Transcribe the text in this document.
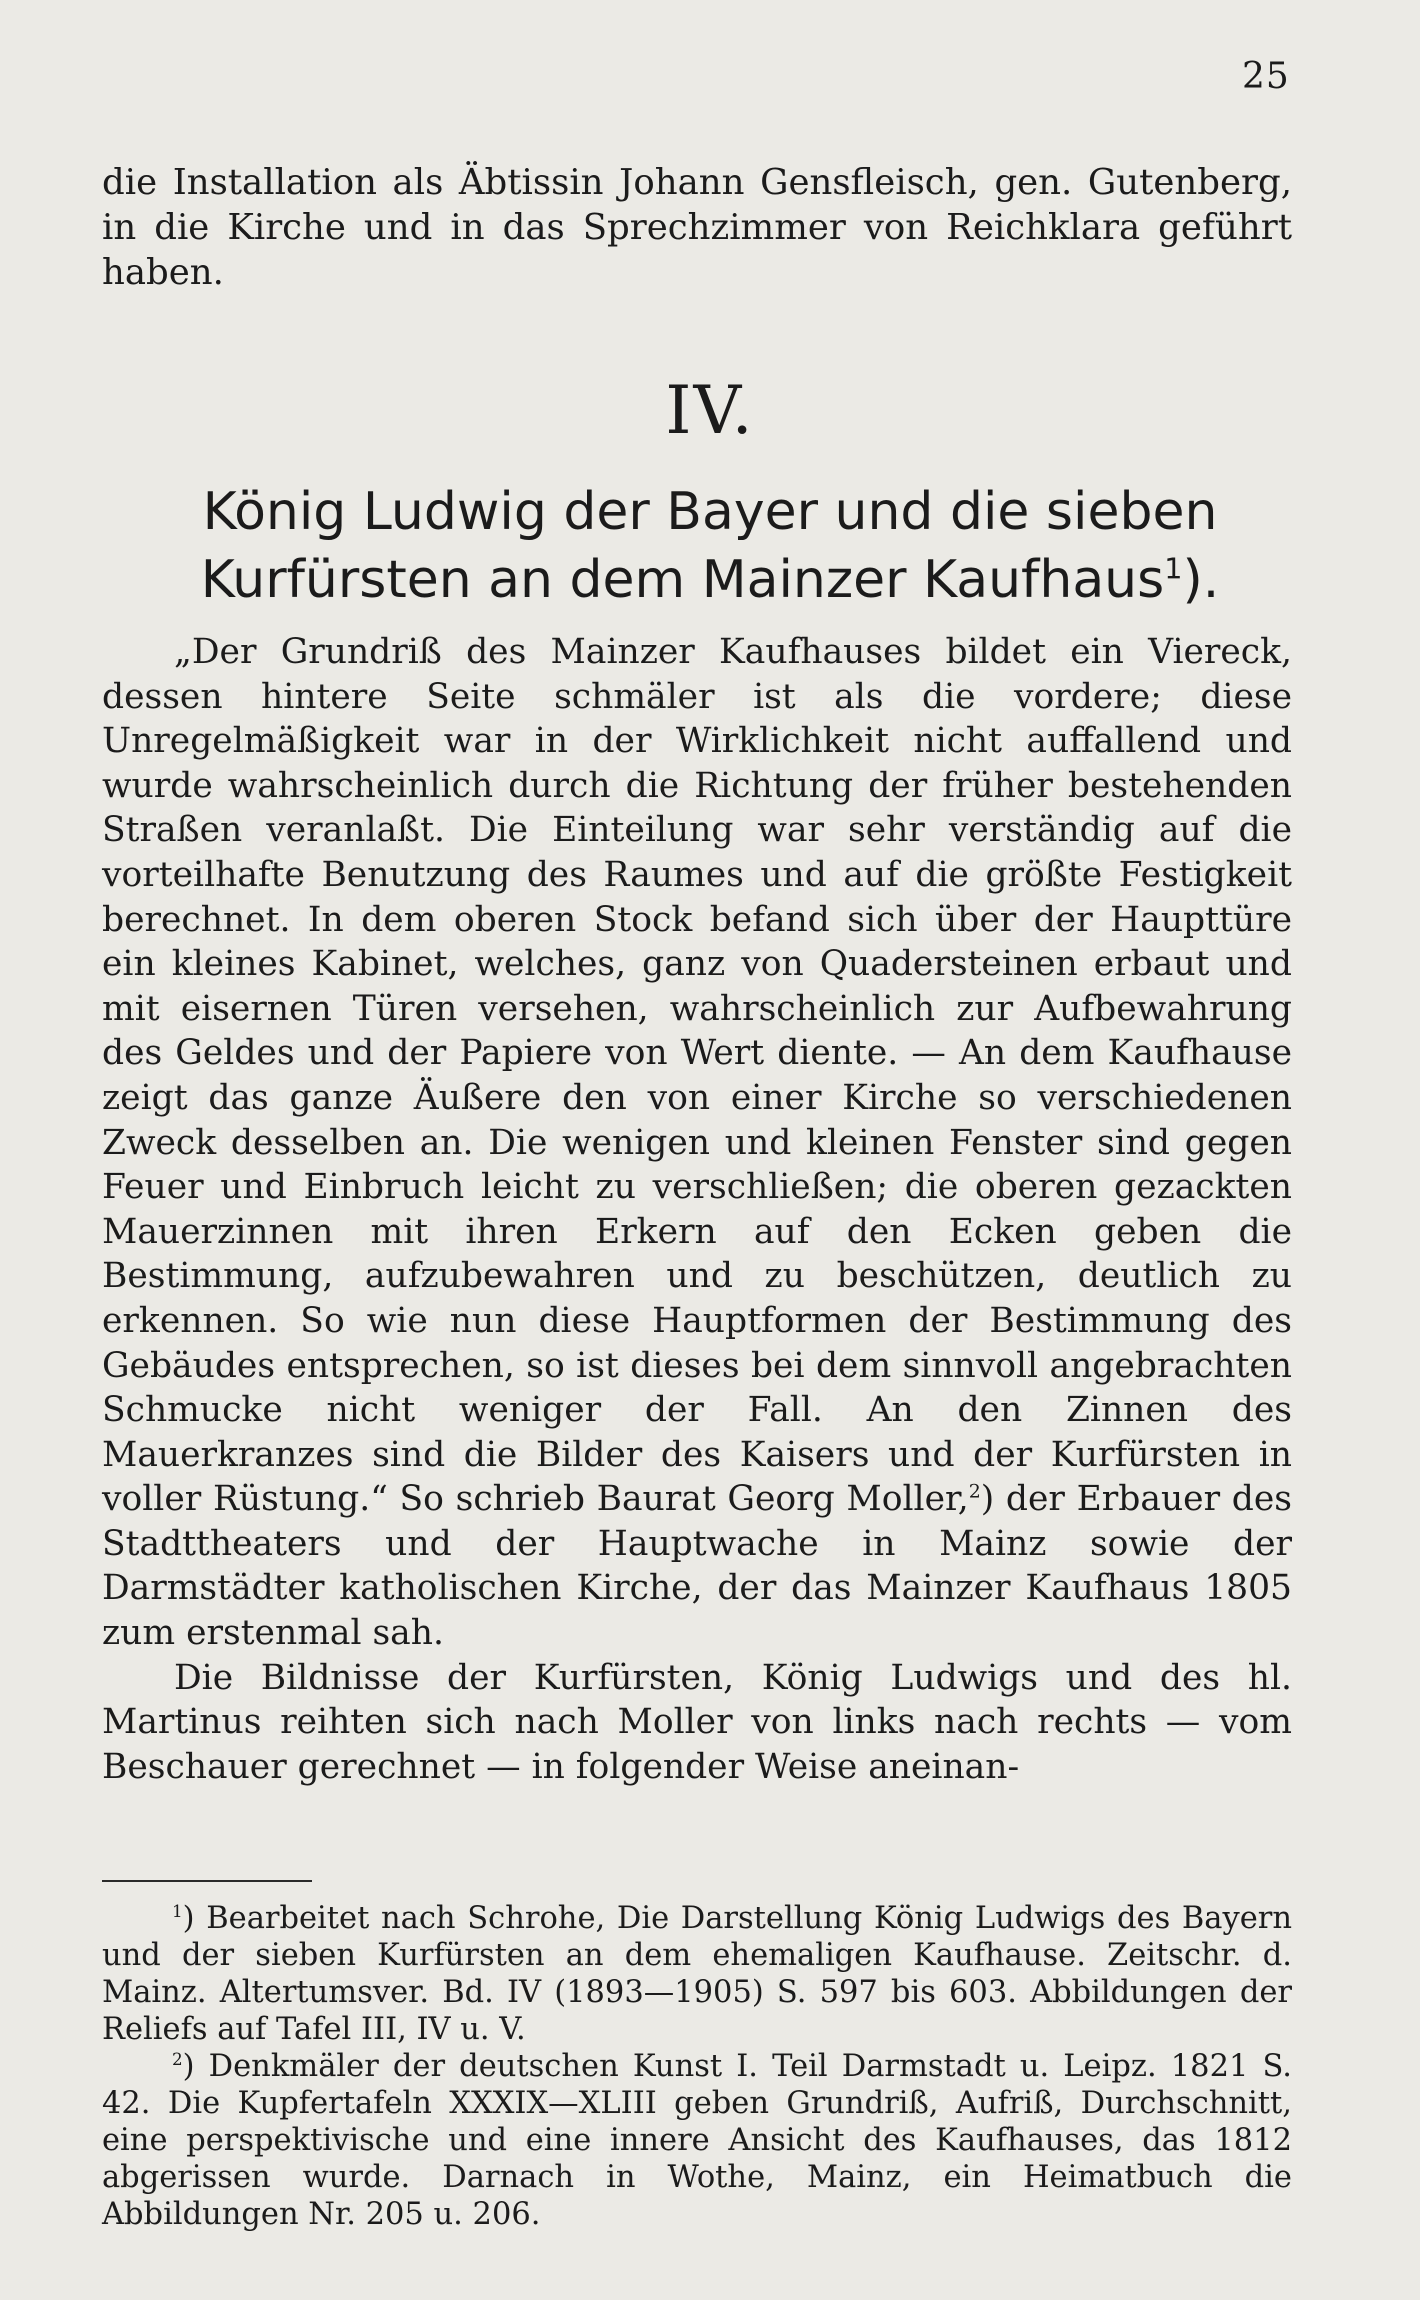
25

die Installation als Äbtissin Johann Gensfleisch, gen. Gutenberg, in die Kirche und in das Sprechzimmer von Reichklara geführt haben.

IV.
König Ludwig der Bayer und die sieben
Kurfürsten an dem Mainzer Kaufhaus$^1$).

„Der Grundriß des Mainzer Kaufhauses bildet ein Viereck, dessen hintere Seite schmäler ist als die vordere; diese Unregelmäßigkeit war in der Wirklichkeit nicht auffallend und wurde wahrscheinlich durch die Richtung der früher bestehenden Straßen veranlaßt. Die Einteilung war sehr verständig auf die vorteilhafte Benutzung des Raumes und auf die größte Festigkeit berechnet. In dem oberen Stock befand sich über der Haupttüre ein kleines Kabinet, welches, ganz von Quadersteinen erbaut und mit eisernen Türen versehen, wahrscheinlich zur Aufbewahrung des Geldes und der Papiere von Wert diente. — An dem Kaufhause zeigt das ganze Äußere den von einer Kirche so verschiedenen Zweck desselben an. Die wenigen und kleinen Fenster sind gegen Feuer und Einbruch leicht zu verschließen; die oberen gezackten Mauerzinnen mit ihren Erkern auf den Ecken geben die Bestimmung, aufzubewahren und zu beschützen, deutlich zu erkennen. So wie nun diese Hauptformen der Bestimmung des Gebäudes entsprechen, so ist dieses bei dem sinnvoll angebrachten Schmucke nicht weniger der Fall. An den Zinnen des Mauerkranzes sind die Bilder des Kaisers und der Kurfürsten in voller Rüstung.“ So schrieb Baurat Georg Moller,$^2$) der Erbauer des Stadttheaters und der Hauptwache in Mainz sowie der Darmstädter katholischen Kirche, der das Mainzer Kaufhaus 1805 zum erstenmal sah.

Die Bildnisse der Kurfürsten, König Ludwigs und des hl. Martinus reihten sich nach Moller von links nach rechts — vom Beschauer gerechnet — in folgender Weise aneinan-

$^1$) Bearbeitet nach Schrohe, Die Darstellung König Ludwigs des Bayern und der sieben Kurfürsten an dem ehemaligen Kaufhause. Zeitschr. d. Mainz. Altertumsver. Bd. IV (1893—1905) S. 597 bis 603. Abbildungen der Reliefs auf Tafel III, IV u. V.

$^2$) Denkmäler der deutschen Kunst I. Teil Darmstadt u. Leipz. 1821 S. 42. Die Kupfertafeln XXXIX—XLIII geben Grundriß, Aufriß, Durchschnitt, eine perspektivische und eine innere Ansicht des Kaufhauses, das 1812 abgerissen wurde. Darnach in Wothe, Mainz, ein Heimatbuch die Abbildungen Nr. 205 u. 206.
